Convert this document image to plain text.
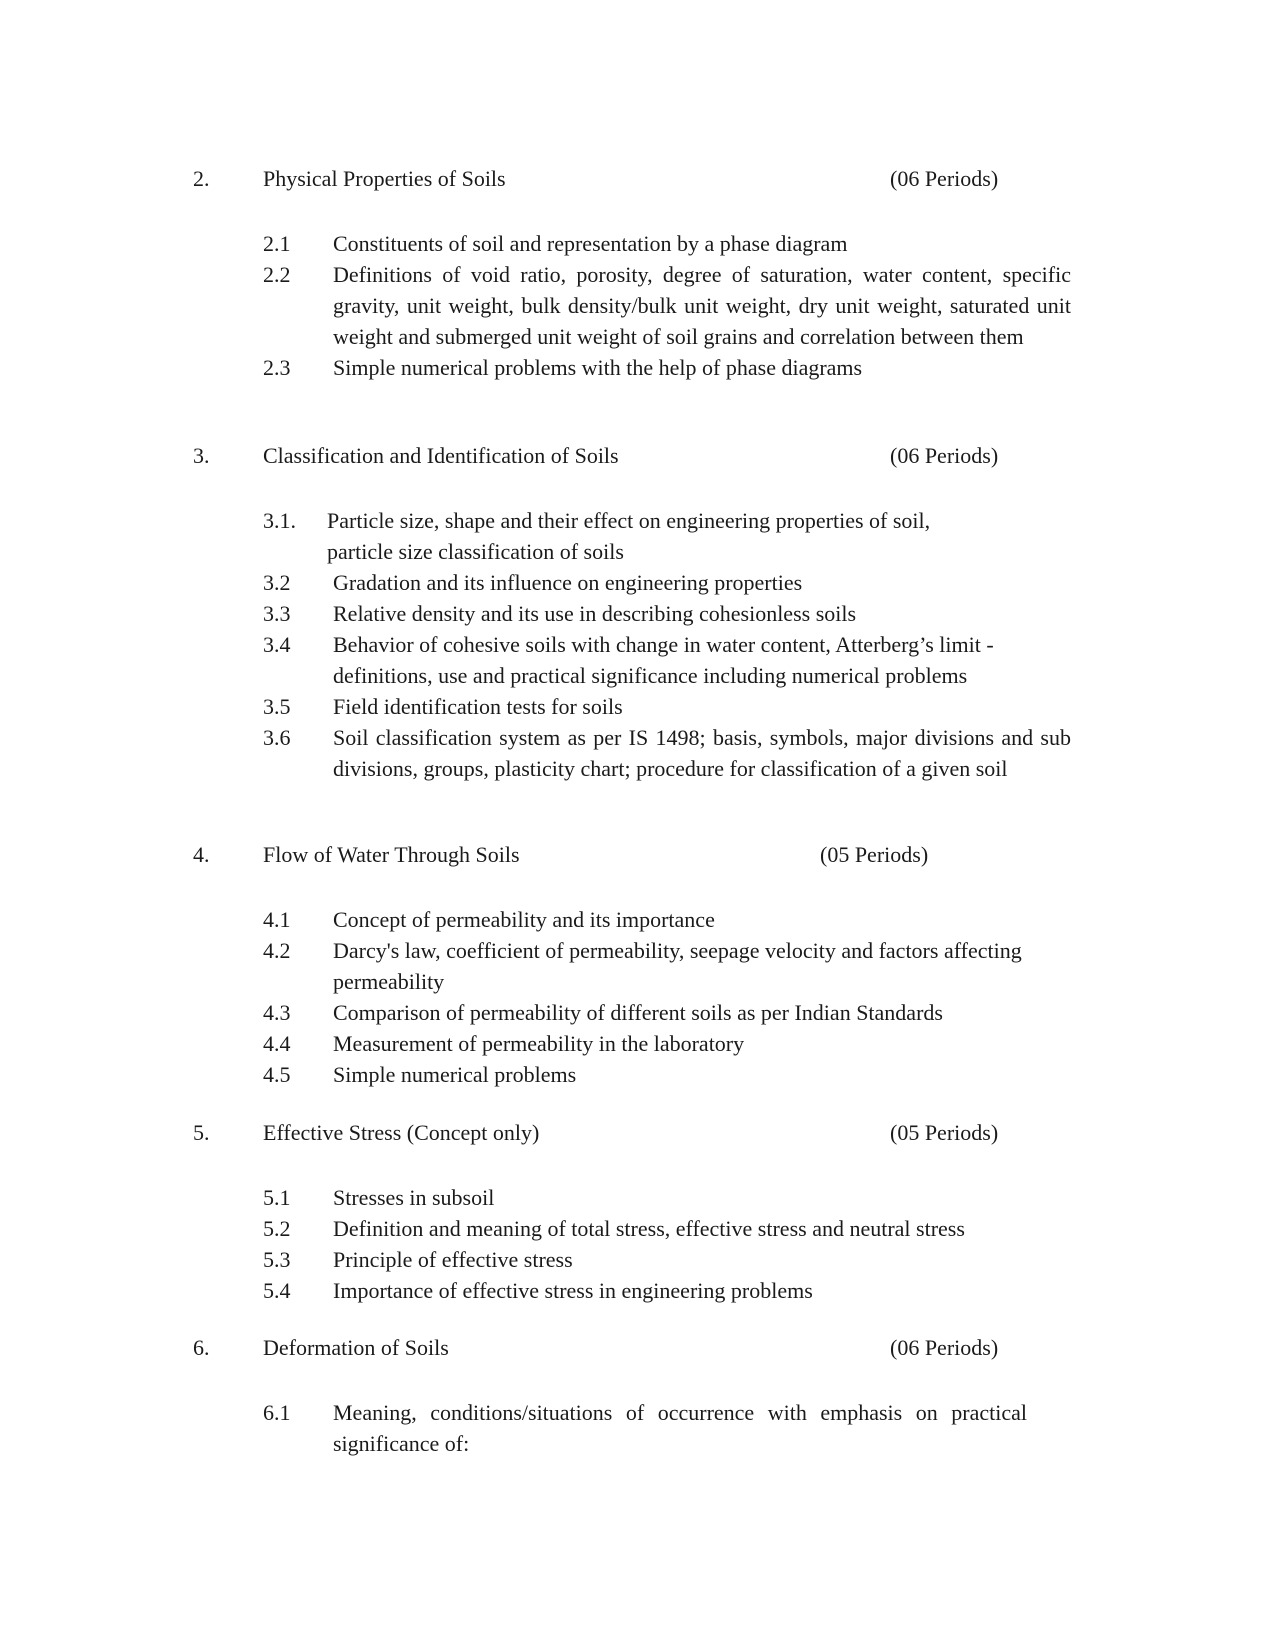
2. Physical Properties of Soils	(06 Periods)
2.1 Constituents of soil and representation by a phase diagram
2.2 Definitions of void ratio, porosity, degree of saturation, water content, specific gravity, unit weight, bulk density/bulk unit weight, dry unit weight, saturated unit weight and submerged unit weight of soil grains and correlation between them
2.3 Simple numerical problems with the help of phase diagrams
3. Classification and Identification of Soils	(06 Periods)
3.1. Particle size, shape and their effect on engineering properties of soil, particle size classification of soils
3.2 Gradation and its influence on engineering properties
3.3 Relative density and its use in describing cohesionless soils
3.4 Behavior of cohesive soils with change in water content, Atterberg’s limit - definitions, use and practical significance including numerical problems
3.5 Field identification tests for soils
3.6 Soil classification system as per IS 1498; basis, symbols, major divisions and sub divisions, groups, plasticity chart; procedure for classification of a given soil
4. Flow of Water Through Soils	(05 Periods)
4.1 Concept of permeability and its importance
4.2 Darcy's law, coefficient of permeability, seepage velocity and factors affecting permeability
4.3 Comparison of permeability of different soils as per Indian Standards
4.4 Measurement of permeability in the laboratory
4.5 Simple numerical problems
5. Effective Stress (Concept only)	(05 Periods)
5.1 Stresses in subsoil
5.2 Definition and meaning of total stress, effective stress and neutral stress
5.3 Principle of effective stress
5.4 Importance of effective stress in engineering problems
6. Deformation of Soils	(06 Periods)
6.1 Meaning, conditions/situations of occurrence with emphasis on practical significance of:
